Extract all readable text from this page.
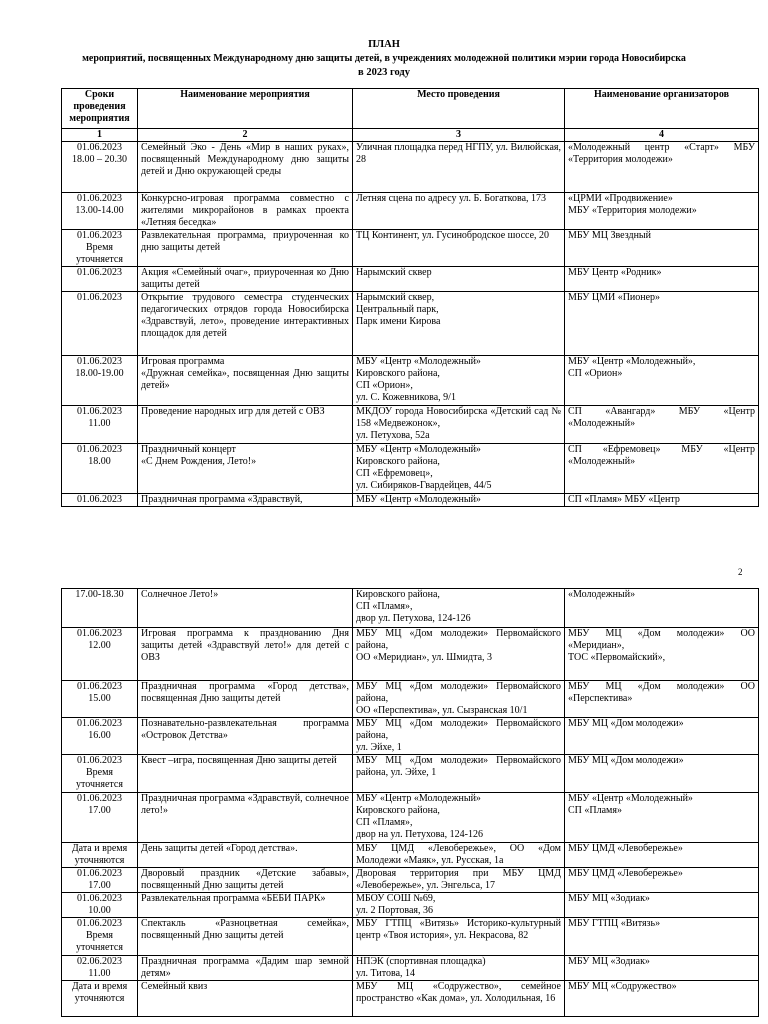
ПЛАН
мероприятий, посвященных Международному дню защиты детей, в учреждениях молодежной политики мэрии города Новосибирска
в 2023 году
Сроки проведения мероприятия	Наименование мероприятия	Место проведения	Наименование организаторов
1	2	3	4
01.06.2023
18.00 – 20.30	Семейный Эко - День «Мир в наших руках», посвященный Международному дню защиты детей и Дню окружающей среды	Уличная площадка перед НГПУ, ул. Вилюйская, 28	«Молодежный центр «Старт» МБУ «Территория молодежи»
01.06.2023
13.00-14.00	Конкурсно-игровая программа совместно с жителями микрорайонов в рамках проекта «Летняя беседка»	Летняя сцена по адресу ул. Б. Богаткова, 173	«ЦРМИ «Продвижение»
МБУ «Территория молодежи»
01.06.2023
Время уточняется	Развлекательная программа, приуроченная ко дню защиты детей	ТЦ Континент, ул. Гусинобродское шоссе, 20	МБУ МЦ Звездный
01.06.2023	Акция «Семейный очаг», приуроченная ко Дню защиты детей	Нарымский сквер	МБУ Центр «Родник»
01.06.2023	Открытие трудового семестра студенческих педагогических отрядов города Новосибирска «Здравствуй, лето», проведение интерактивных площадок для детей	Нарымский сквер,
Центральный парк,
Парк имени Кирова	МБУ ЦМИ «Пионер»
01.06.2023
18.00-19.00	Игровая программа
«Дружная семейка», посвященная Дню защиты детей»	МБУ «Центр «Молодежный»
Кировского района,
СП «Орион»,
ул. С. Кожевникова, 9/1	МБУ «Центр «Молодежный»,
СП «Орион»
01.06.2023
11.00	Проведение народных игр для детей с ОВЗ	МКДОУ города Новосибирска «Детский сад № 158 «Медвежонок»,
ул. Петухова, 52а	СП «Авангард» МБУ «Центр «Молодежный»
01.06.2023
18.00	Праздничный концерт
«С Днем Рождения, Лето!»	МБУ «Центр «Молодежный»
Кировского района,
СП «Ефремовец»,
ул. Сибиряков-Гвардейцев, 44/5	СП «Ефремовец» МБУ «Центр «Молодежный»
01.06.2023	Праздничная программа «Здравствуй,	МБУ «Центр «Молодежный»	СП «Пламя» МБУ «Центр
2
17.00-18.30	Солнечное Лето!»	Кировского района,
СП «Пламя»,
двор ул. Петухова, 124-126	«Молодежный»
01.06.2023
12.00	Игровая программа к празднованию Дня защиты детей «Здравствуй лето!» для детей с ОВЗ	МБУ МЦ «Дом молодежи» Первомайского района,
ОО «Меридиан», ул. Шмидта, 3	МБУ МЦ «Дом молодежи» ОО «Меридиан»,
ТОС «Первомайский»,
01.06.2023
15.00	Праздничная программа «Город детства», посвященная Дню защиты детей	МБУ МЦ «Дом молодежи» Первомайского района,
ОО «Перспектива», ул. Сызранская 10/1	МБУ МЦ «Дом молодежи» ОО «Перспектива»
01.06.2023
16.00	Познавательно-развлекательная программа «Островок Детства»	МБУ МЦ «Дом молодежи» Первомайского района,
ул. Эйхе, 1	МБУ МЦ «Дом молодежи»
01.06.2023
Время уточняется	Квест –игра, посвященная Дню защиты детей	МБУ МЦ «Дом молодежи» Первомайского района, ул. Эйхе, 1	МБУ МЦ «Дом молодежи»
01.06.2023
17.00	Праздничная программа «Здравствуй, солнечное лето!»	МБУ «Центр «Молодежный»
Кировского района,
СП «Пламя»,
двор на ул. Петухова, 124-126	МБУ «Центр «Молодежный»
СП «Пламя»
Дата и время уточняются	День защиты детей «Город детства».	МБУ ЦМД «Левобережье», ОО «Дом Молодежи «Маяк», ул. Русская, 1а	МБУ ЦМД «Левобережье»
01.06.2023
17.00	Дворовый праздник «Детские забавы», посвященный Дню защиты детей	Дворовая территория при МБУ ЦМД «Левобережье», ул. Энгельса, 17	МБУ ЦМД «Левобережье»
01.06.2023
10.00	Развлекательная программа «БЕБИ ПАРК»	МБОУ СОШ №69,
ул. 2 Портовая, 36	МБУ МЦ «Зодиак»
01.06.2023
Время уточняется	Спектакль «Разноцветная семейка», посвященный Дню защиты детей	МБУ ГТПЦ «Витязь» Историко-культурный центр «Твоя история», ул. Некрасова, 82	МБУ ГТПЦ «Витязь»
02.06.2023
11.00	Праздничная программа «Дадим шар земной детям»	НПЭК (спортивная площадка)
ул. Титова, 14	МБУ МЦ «Зодиак»
Дата и время уточняются	Семейный квиз	МБУ МЦ «Содружество», семейное пространство «Как дома», ул. Холодильная, 16	МБУ МЦ «Содружество»
